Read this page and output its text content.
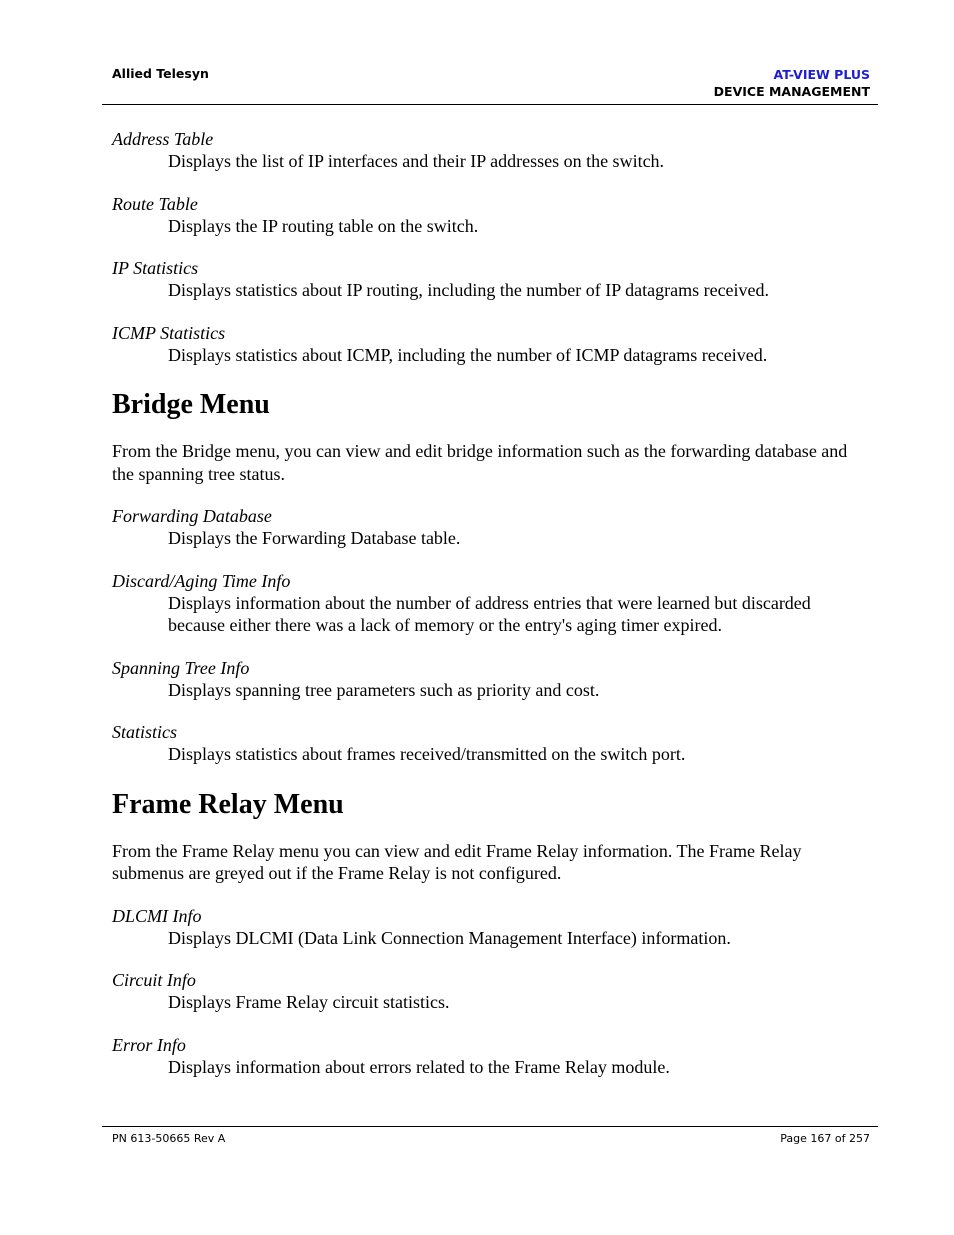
Allied Telesyn	AT-VIEW PLUS
DEVICE MANAGEMENT

Address Table

Displays the list of IP interfaces and their IP addresses on the switch.

Route Table

Displays the IP routing table on the switch.

IP Statistics

Displays statistics about IP routing, including the number of IP datagrams received.

ICMP Statistics

Displays statistics about ICMP, including the number of ICMP datagrams received.

Bridge Menu

From the Bridge menu, you can view and edit bridge information such as the forwarding database and the spanning tree status.

Forwarding Database

Displays the Forwarding Database table.

Discard/Aging Time Info

Displays information about the number of address entries that were learned but discarded because either there was a lack of memory or the entry's aging timer expired.

Spanning Tree Info

Displays spanning tree parameters such as priority and cost.

Statistics

Displays statistics about frames received/transmitted on the switch port.

Frame Relay Menu

From the Frame Relay menu you can view and edit Frame Relay information. The Frame Relay submenus are greyed out if the Frame Relay is not configured.

DLCMI Info

Displays DLCMI (Data Link Connection Management Interface) information.

Circuit Info

Displays Frame Relay circuit statistics.

Error Info

Displays information about errors related to the Frame Relay module.

PN 613-50665 Rev A	Page 167 of 257
